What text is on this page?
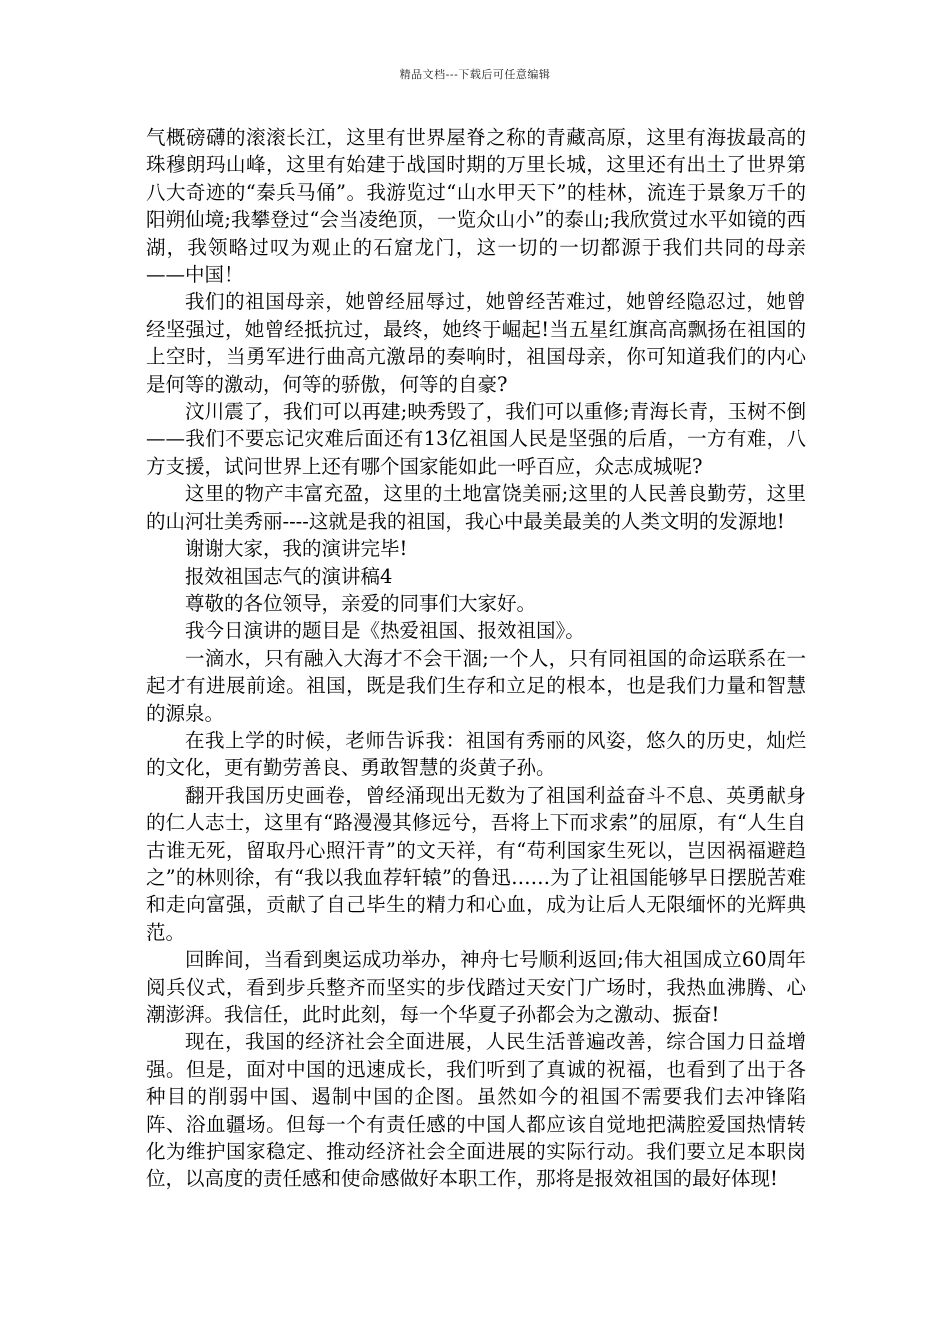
精品文档---下载后可任意编辑

气概磅礴的滚滚长江，这里有世界屋脊之称的青藏高原，这里有海拔最高的珠穆朗玛山峰，这里有始建于战国时期的万里长城，这里还有出土了世界第八大奇迹的“秦兵马俑”。我游览过“山水甲天下”的桂林，流连于景象万千的阳朔仙境;我攀登过“会当凌绝顶，一览众山小”的泰山;我欣赏过水平如镜的西湖，我领略过叹为观止的石窟龙门，这一切的一切都源于我们共同的母亲——中国！

我们的祖国母亲，她曾经屈辱过，她曾经苦难过，她曾经隐忍过，她曾经坚强过，她曾经抵抗过，最终，她终于崛起!当五星红旗高高飘扬在祖国的上空时，当勇军进行曲高亢激昂的奏响时，祖国母亲，你可知道我们的内心是何等的激动，何等的骄傲，何等的自豪?

汶川震了，我们可以再建;映秀毁了，我们可以重修;青海长青，玉树不倒——我们不要忘记灾难后面还有13亿祖国人民是坚强的后盾，一方有难，八方支援，试问世界上还有哪个国家能如此一呼百应，众志成城呢?

这里的物产丰富充盈，这里的土地富饶美丽;这里的人民善良勤劳，这里的山河壮美秀丽----这就是我的祖国，我心中最美最美的人类文明的发源地!

谢谢大家，我的演讲完毕!

报效祖国志气的演讲稿4

尊敬的各位领导，亲爱的同事们大家好。

我今日演讲的题目是《热爱祖国、报效祖国》。

一滴水，只有融入大海才不会干涸;一个人，只有同祖国的命运联系在一起才有进展前途。祖国，既是我们生存和立足的根本，也是我们力量和智慧的源泉。

在我上学的时候，老师告诉我：祖国有秀丽的风姿，悠久的历史，灿烂的文化，更有勤劳善良、勇敢智慧的炎黄子孙。

翻开我国历史画卷，曾经涌现出无数为了祖国利益奋斗不息、英勇献身的仁人志士，这里有“路漫漫其修远兮，吾将上下而求索”的屈原，有“人生自古谁无死，留取丹心照汗青”的文天祥，有“苟利国家生死以，岂因祸福避趋之”的林则徐，有“我以我血荐轩辕”的鲁迅……为了让祖国能够早日摆脱苦难和走向富强，贡献了自己毕生的精力和心血，成为让后人无限缅怀的光辉典范。

回眸间，当看到奥运成功举办，神舟七号顺利返回;伟大祖国成立60周年阅兵仪式，看到步兵整齐而坚实的步伐踏过天安门广场时，我热血沸腾、心潮澎湃。我信任，此时此刻，每一个华夏子孙都会为之激动、振奋!

现在，我国的经济社会全面进展，人民生活普遍改善，综合国力日益增强。但是，面对中国的迅速成长，我们听到了真诚的祝福，也看到了出于各种目的削弱中国、遏制中国的企图。虽然如今的祖国不需要我们去冲锋陷阵、浴血疆场。但每一个有责任感的中国人都应该自觉地把满腔爱国热情转化为维护国家稳定、推动经济社会全面进展的实际行动。我们要立足本职岗位，以高度的责任感和使命感做好本职工作，那将是报效祖国的最好体现!
